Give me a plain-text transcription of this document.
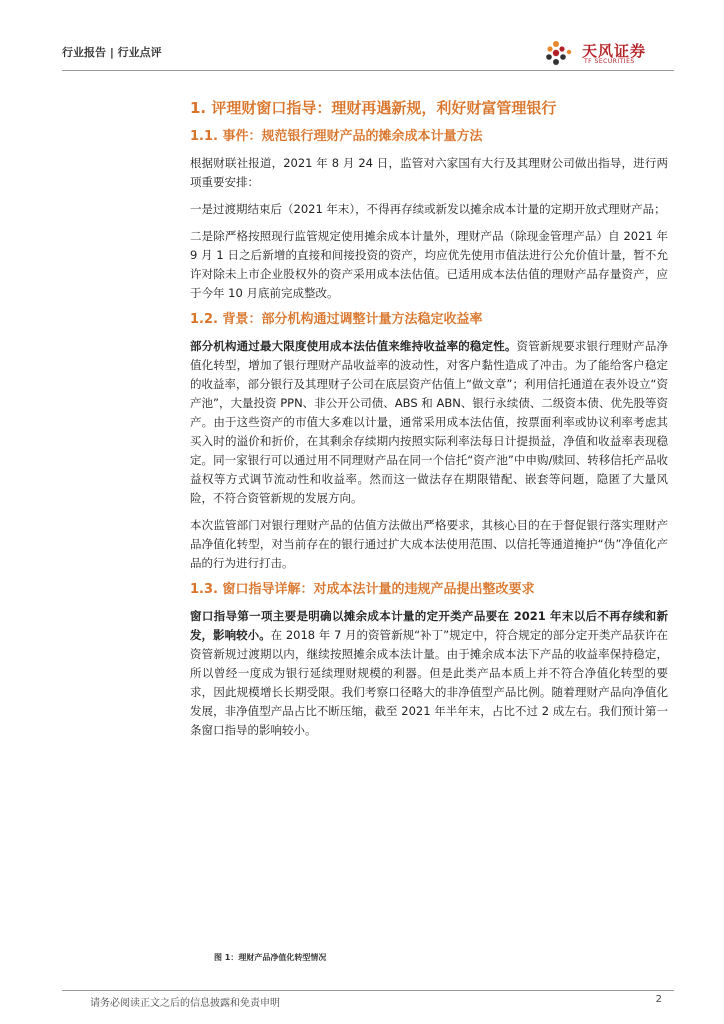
行业报告 | 行业点评	天风证券
TF SECURITIES
1. 评理财窗口指导：理财再遇新规，利好财富管理银行
1.1. 事件：规范银行理财产品的摊余成本计量方法

根据财联社报道，2021 年 8 月 24 日，监管对六家国有大行及其理财公司做出指导，进行两项重要安排：

一是过渡期结束后（2021 年末），不得再存续或新发以摊余成本计量的定期开放式理财产品；

二是除严格按照现行监管规定使用摊余成本计量外，理财产品（除现金管理产品）自 2021 年 9 月 1 日之后新增的直接和间接投资的资产，均应优先使用市值法进行公允价值计量，暂不允许对除未上市企业股权外的资产采用成本法估值。已适用成本法估值的理财产品存量资产，应于今年 10 月底前完成整改。

1.2. 背景：部分机构通过调整计量方法稳定收益率

部分机构通过最大限度使用成本法估值来维持收益率的稳定性。资管新规要求银行理财产品净值化转型，增加了银行理财产品收益率的波动性，对客户黏性造成了冲击。为了能给客户稳定的收益率，部分银行及其理财子公司在底层资产估值上“做文章”；利用信托通道在表外设立“资产池”，大量投资 PPN、非公开公司债、ABS 和 ABN、银行永续债、二级资本债、优先股等资产。由于这些资产的市值大多难以计量，通常采用成本法估值，按票面利率或协议利率考虑其买入时的溢价和折价，在其剩余存续期内按照实际利率法每日计提损益，净值和收益率表现稳定。同一家银行可以通过用不同理财产品在同一个信托“资产池”中申购/赎回、转移信托产品收益权等方式调节流动性和收益率。然而这一做法存在期限错配、嵌套等问题，隐匿了大量风险，不符合资管新规的发展方向。

本次监管部门对银行理财产品的估值方法做出严格要求，其核心目的在于督促银行落实理财产品净值化转型，对当前存在的银行通过扩大成本法使用范围、以信托等通道掩护“伪”净值化产品的行为进行打击。

1.3. 窗口指导详解：对成本法计量的违规产品提出整改要求

窗口指导第一项主要是明确以摊余成本计量的定开类产品要在 2021 年末以后不再存续和新发，影响较小。在 2018 年 7 月的资管新规“补丁”规定中，符合规定的部分定开类产品获许在资管新规过渡期以内，继续按照摊余成本法计量。由于摊余成本法下产品的收益率保持稳定，所以曾经一度成为银行延续理财规模的利器。但是此类产品本质上并不符合净值化转型的要求，因此规模增长长期受限。我们考察口径略大的非净值型产品比例。随着理财产品向净值化发展，非净值型产品占比不断压缩，截至 2021 年半年末，占比不过 2 成左右。我们预计第一条窗口指导的影响较小。

图 1：理财产品净值化转型情况
请务必阅读正文之后的信息披露和免责申明	2
